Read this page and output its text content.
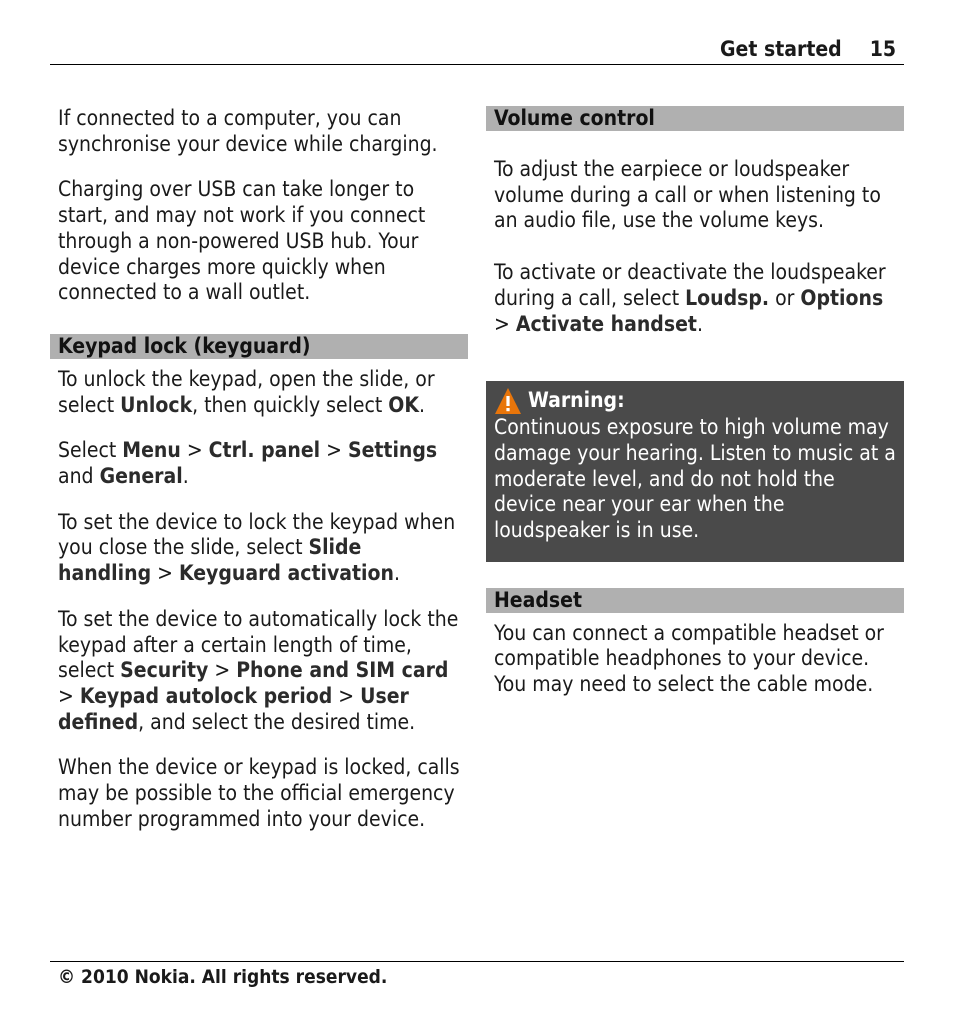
Get started 15

If connected to a computer, you can synchronise your device while charging.

Charging over USB can take longer to start, and may not work if you connect through a non-powered USB hub. Your device charges more quickly when connected to a wall outlet.

Keypad lock (keyguard)

To unlock the keypad, open the slide, or select Unlock, then quickly select OK.

Select Menu > Ctrl. panel > Settings and General.

To set the device to lock the keypad when you close the slide, select Slide handling > Keyguard activation.

To set the device to automatically lock the keypad after a certain length of time, select Security > Phone and SIM card > Keypad autolock period > User defined, and select the desired time.

When the device or keypad is locked, calls may be possible to the official emergency number programmed into your device.

Volume control

To adjust the earpiece or loudspeaker volume during a call or when listening to an audio file, use the volume keys.

To activate or deactivate the loudspeaker during a call, select Loudsp. or Options > Activate handset.

Warning:

Continuous exposure to high volume may damage your hearing. Listen to music at a moderate level, and do not hold the device near your ear when the loudspeaker is in use.

Headset

You can connect a compatible headset or compatible headphones to your device. You may need to select the cable mode.

© 2010 Nokia. All rights reserved.
